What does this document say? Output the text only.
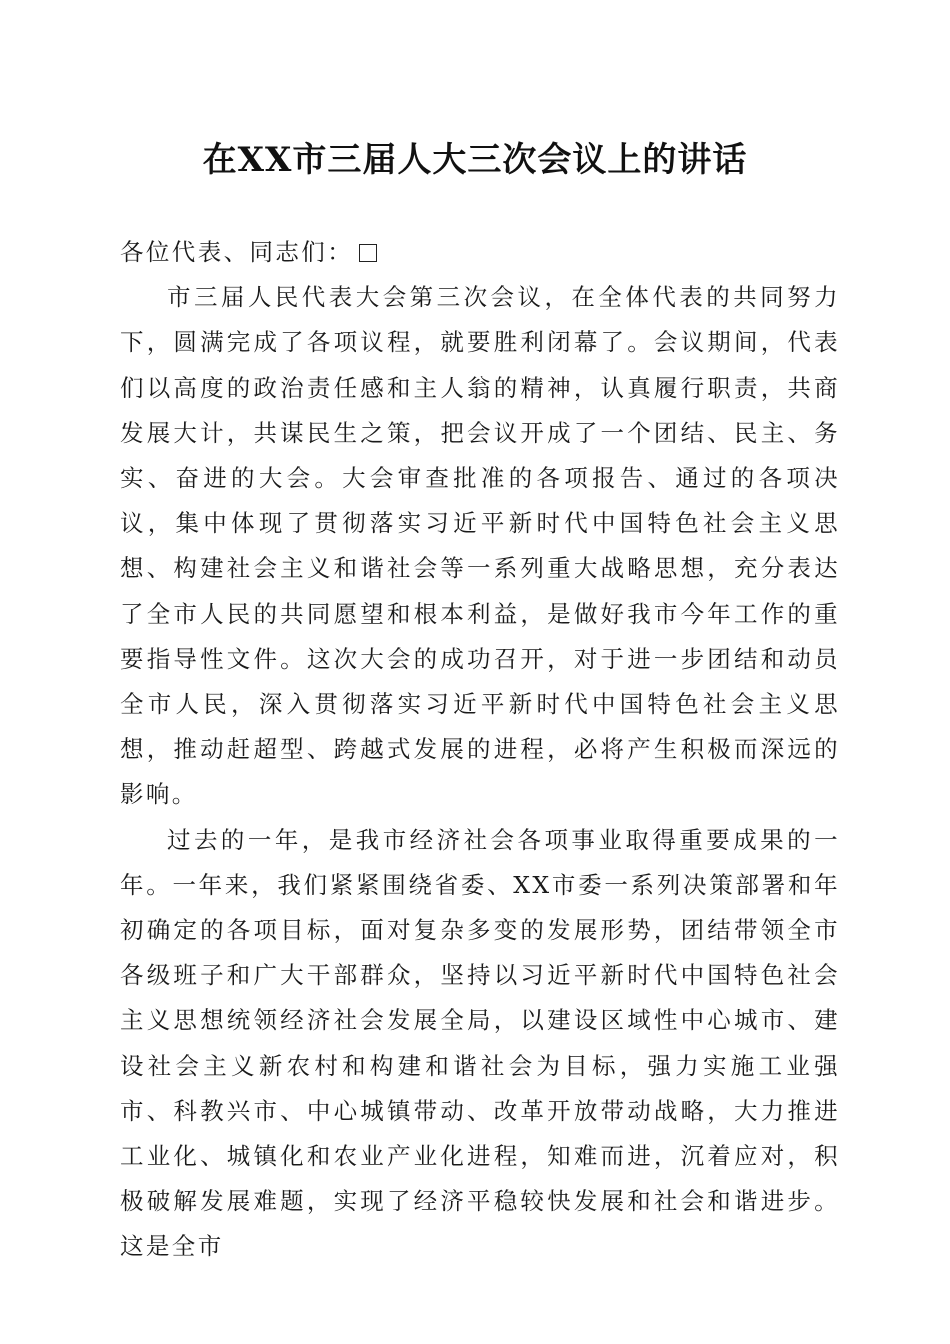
在XX市三届人大三次会议上的讲话

各位代表、同志们：

市三届人民代表大会第三次会议，在全体代表的共同努力下，圆满完成了各项议程，就要胜利闭幕了。会议期间，代表们以高度的政治责任感和主人翁的精神，认真履行职责，共商发展大计，共谋民生之策，把会议开成了一个团结、民主、务实、奋进的大会。大会审查批准的各项报告、通过的各项决议，集中体现了贯彻落实习近平新时代中国特色社会主义思想、构建社会主义和谐社会等一系列重大战略思想，充分表达了全市人民的共同愿望和根本利益，是做好我市今年工作的重要指导性文件。这次大会的成功召开，对于进一步团结和动员全市人民，深入贯彻落实习近平新时代中国特色社会主义思想，推动赶超型、跨越式发展的进程，必将产生积极而深远的影响。

过去的一年，是我市经济社会各项事业取得重要成果的一年。一年来，我们紧紧围绕省委、XX市委一系列决策部署和年初确定的各项目标，面对复杂多变的发展形势，团结带领全市各级班子和广大干部群众，坚持以习近平新时代中国特色社会主义思想统领经济社会发展全局，以建设区域性中心城市、建设社会主义新农村和构建和谐社会为目标，强力实施工业强市、科教兴市、中心城镇带动、改革开放带动战略，大力推进工业化、城镇化和农业产业化进程，知难而进，沉着应对，积极破解发展难题，实现了经济平稳较快发展和社会和谐进步。这是全市
